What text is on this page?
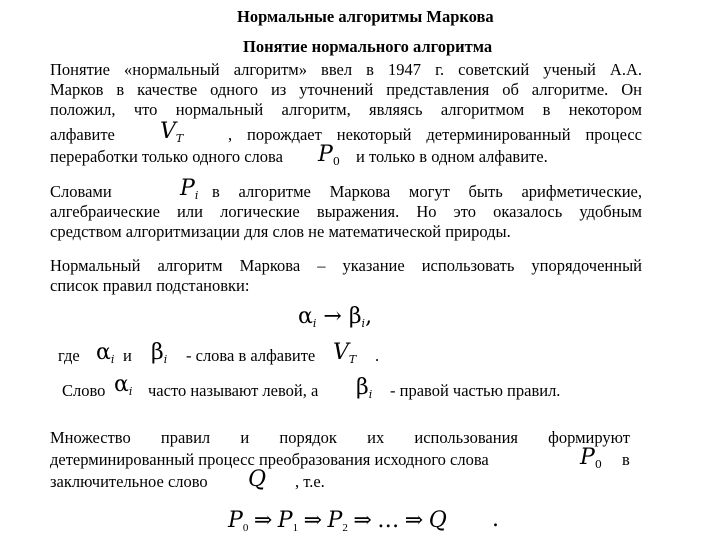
Нормальные алгоритмы Маркова
Понятие нормального алгоритма
Понятие «нормальный алгоритм» ввел в 1947 г. советский ученый А.А.
Марков в качестве одного из уточнений представления об алгоритме. Он
положил, что нормальный алгоритм, являясь алгоритмом в некотором
алфавите $V_T$	, порождает некоторый детерминированный процесс
переработки только одного слова $P_0$ и только в одном алфавите.
Словами	$P_i$ в алгоритме Маркова могут быть арифметические,
алгебраические или логические выражения. Но это оказалось удобным
средством алгоритмизации для слов не математической природы.
Нормальный алгоритм Маркова – указание использовать упорядоченный
список правил подстановки:
$\alpha_i \to \beta_i$,
где $\alpha_i$ и $\beta_i$ - слова в алфавите $V_T$ .
Слово $\alpha_i$ часто называют левой, а $\beta_i$ - правой частью правил.
Множество правил и порядок их использования формируют
детерминированный процесс преобразования исходного слова	$P_0$ в
заключительное слово Q , т.е.
$P_0$ ⇒ $P_1$ ⇒ $P_2$ ⇒ … ⇒ Q .
